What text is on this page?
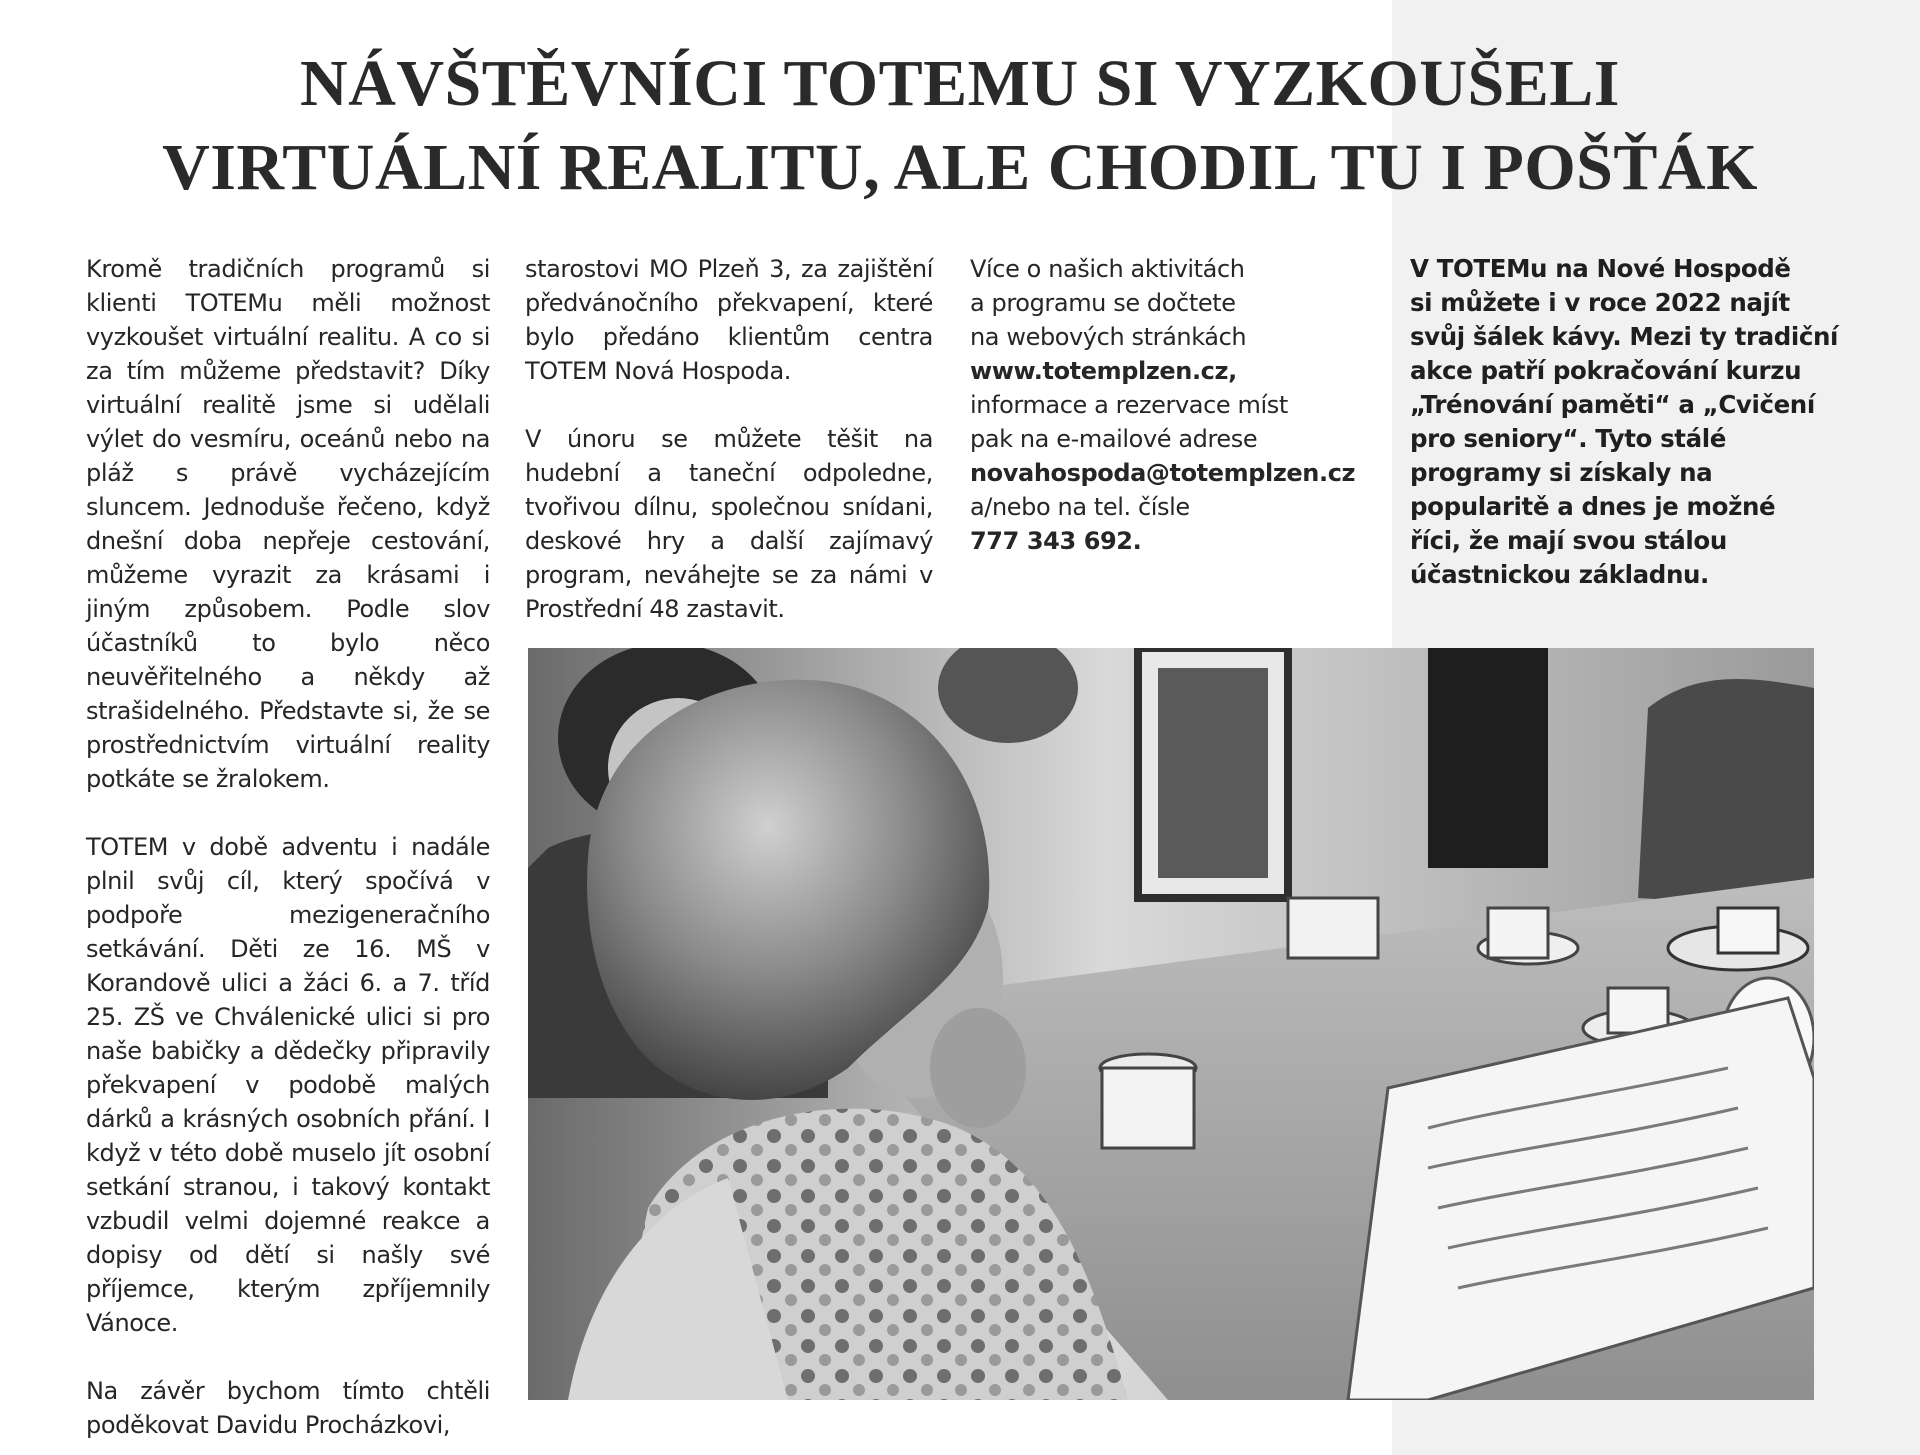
NÁVŠTĚVNÍCI TOTEMU SI VYZKOUŠELI
VIRTUÁLNÍ REALITU, ALE CHODIL TU I POŠŤÁK

Kromě tradičních programů si klienti TOTEMu měli možnost vyzkoušet virtuální realitu. A co si za tím můžeme představit? Díky virtuální realitě jsme si udělali výlet do vesmíru, oceánů nebo na pláž s právě vycházejícím sluncem. Jednoduše řečeno, když dnešní doba nepřeje cestování, můžeme vyrazit za krásami i jiným způsobem. Podle slov účastníků to bylo něco neuvěřitelného a někdy až strašidelného. Představte si, že se prostřednictvím virtuální reality potkáte se žralokem.

TOTEM v době adventu i nadále plnil svůj cíl, který spočívá v podpoře mezigeneračního setkávání. Děti ze 16. MŠ v Korandově ulici a žáci 6. a 7. tříd 25. ZŠ ve Chválenické ulici si pro naše babičky a dědečky připravily překvapení v podobě malých dárků a krásných osobních přání. I když v této době muselo jít osobní setkání stranou, i takový kontakt vzbudil velmi dojemné reakce a dopisy od dětí si našly své příjemce, kterým zpříjemnily Vánoce.

Na závěr bychom tímto chtěli poděkovat Davidu Procházkovi,

starostovi MO Plzeň 3, za zajištění předvánočního překvapení, které bylo předáno klientům centra TOTEM Nová Hospoda.

V únoru se můžete těšit na hudební a taneční odpoledne, tvořivou dílnu, společnou snídani, deskové hry a další zajímavý program, neváhejte se za námi v Prostřední 48 zastavit.

Více o našich aktivitách

a programu se dočtete

na webových stránkách

www.totemplzen.cz,

informace a rezervace míst

pak na e-mailové adrese

novahospoda@totemplzen.cz

a/nebo na tel. čísle

777 343 692.

V TOTEMu na Nové Hospodě

si můžete i v roce 2022 najít

svůj šálek kávy. Mezi ty tradiční

akce patří pokračování kurzu

„Trénování paměti“ a „Cvičení

pro seniory“. Tyto stálé

programy si získaly na

popularitě a dnes je možné

říci, že mají svou stálou

účastnickou základnu.
